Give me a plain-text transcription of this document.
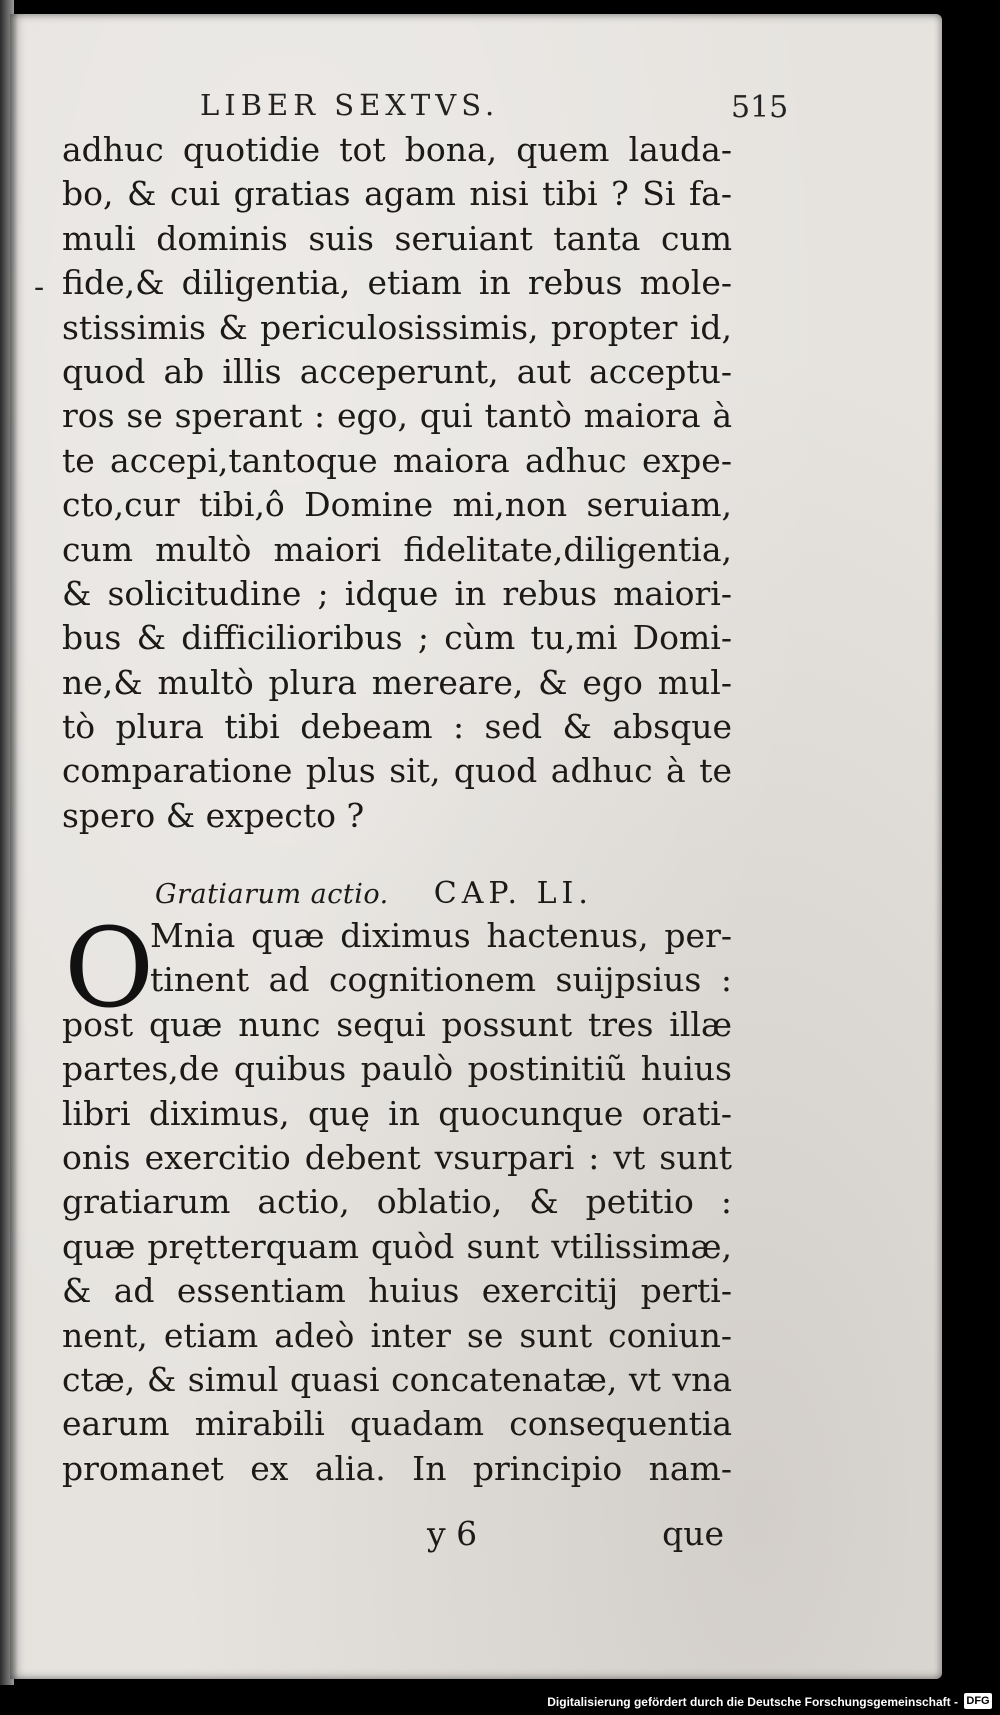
LIBER SEXTVS.	515
-
adhuc quotidie tot bona, quem lauda-
bo, & cui gratias agam nisi tibi ? Si fa-
muli dominis suis seruiant tanta cum
fide,& diligentia, etiam in rebus mole-
stissimis & periculosissimis, propter id,
quod ab illis acceperunt, aut acceptu-
ros se sperant : ego, qui tantò maiora à
te accepi,tantoque maiora adhuc expe-
cto,cur tibi,ô Domine mi,non seruiam,
cum multò maiori fidelitate,diligentia,
& solicitudine ; idque in rebus maiori-
bus & difficilioribus ; cùm tu,mi Domi-
ne,& multò plura mereare, & ego mul-
tò plura tibi debeam : sed & absque
comparatione plus sit, quod adhuc à te
spero & expecto ?
Gratiarum actio. CAP. LI.
O
Mnia quæ diximus hactenus, per-
tinent ad cognitionem suijpsius :
post quæ nunc sequi possunt tres illæ
partes,de quibus paulò postinitiũ huius
libri diximus, quę in quocunque orati-
onis exercitio debent vsurpari : vt sunt
gratiarum actio, oblatio, & petitio :
quæ prętterquam quòd sunt vtilissimæ,
& ad essentiam huius exercitij perti-
nent, etiam adeò inter se sunt coniun-
ctæ, & simul quasi concatenatæ, vt vna
earum mirabili quadam consequentia
promanet ex alia. In principio nam-
y 6	que
Digitalisierung gefördert durch die Deutsche Forschungsgemeinschaft - DFG
